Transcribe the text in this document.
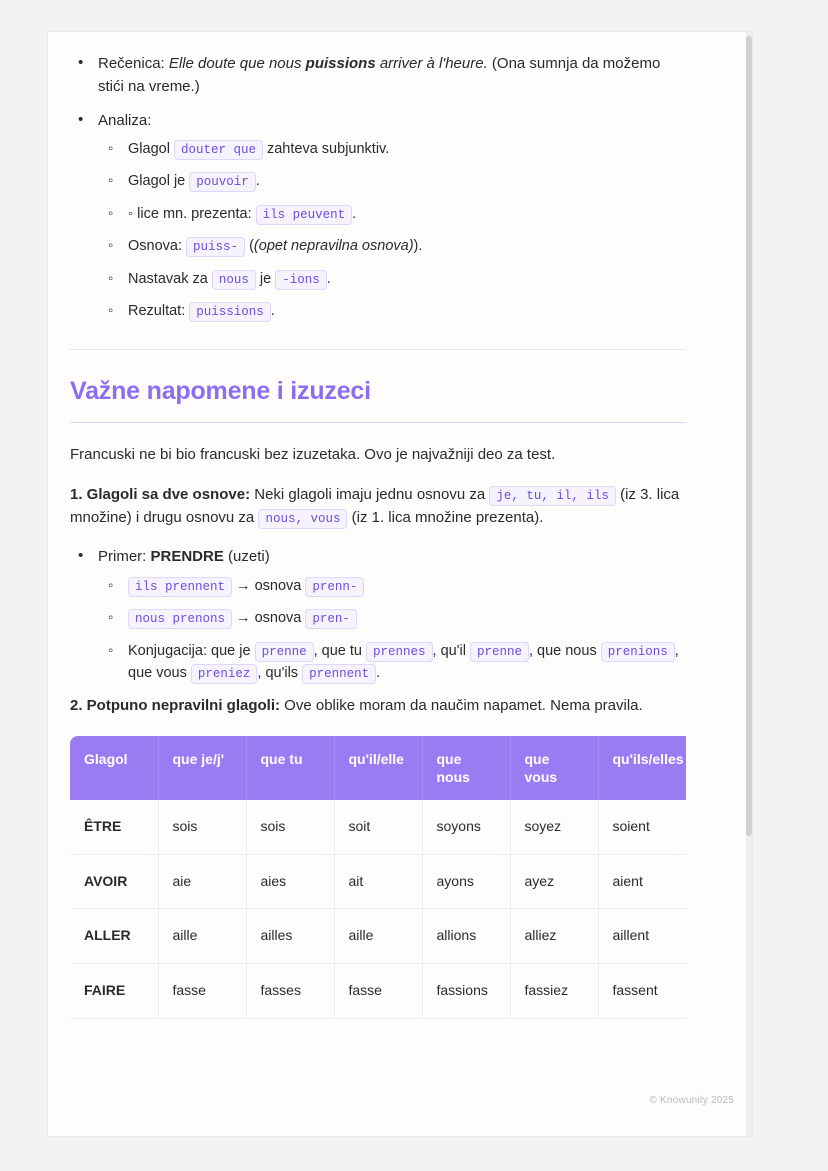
• Rečenica: Elle doute que nous puissions arriver à l'heure. (Ona sumnja da možemo stići na vreme.)
• Analiza:
◦ Glagol douter que zahteva subjunktiv.
◦ Glagol je pouvoir .
◦ ◦ lice mn. prezenta: ils peuvent .
◦ Osnova: puiss- ((opet nepravilna osnova)).
◦ Nastavak za nous je -ions .
◦ Rezultat: puissions .
Važne napomene i izuzeci

Francuski ne bi bio francuski bez izuzetaka. Ovo je najvažniji deo za test.

1. Glagoli sa dve osnove: Neki glagoli imaju jednu osnovu za je, tu, il, ils (iz 3. lica množine) i drugu osnovu za nous, vous (iz 1. lica množine prezenta).

• Primer: PRENDRE (uzeti)
◦ ils prennent → osnova prenn-
◦ nous prenons → osnova pren-
◦ Konjugacija: que je prenne , que tu prennes , qu'il prenne , que nous prenions , que vous preniez , qu'ils prennent .

2. Potpuno nepravilni glagoli: Ove oblike moram da naučim napamet. Nema pravila.

Glagol	que je/j'	que tu	qu'il/elle	que nous	que vous	qu'ils/elles
ÊTRE	sois	sois	soit	soyons	soyez	soient
AVOIR	aie	aies	ait	ayons	ayez	aient
ALLER	aille	ailles	aille	allions	alliez	aillent
FAIRE	fasse	fasses	fasse	fassions	fassiez	fassent
© Knowunity 2025
